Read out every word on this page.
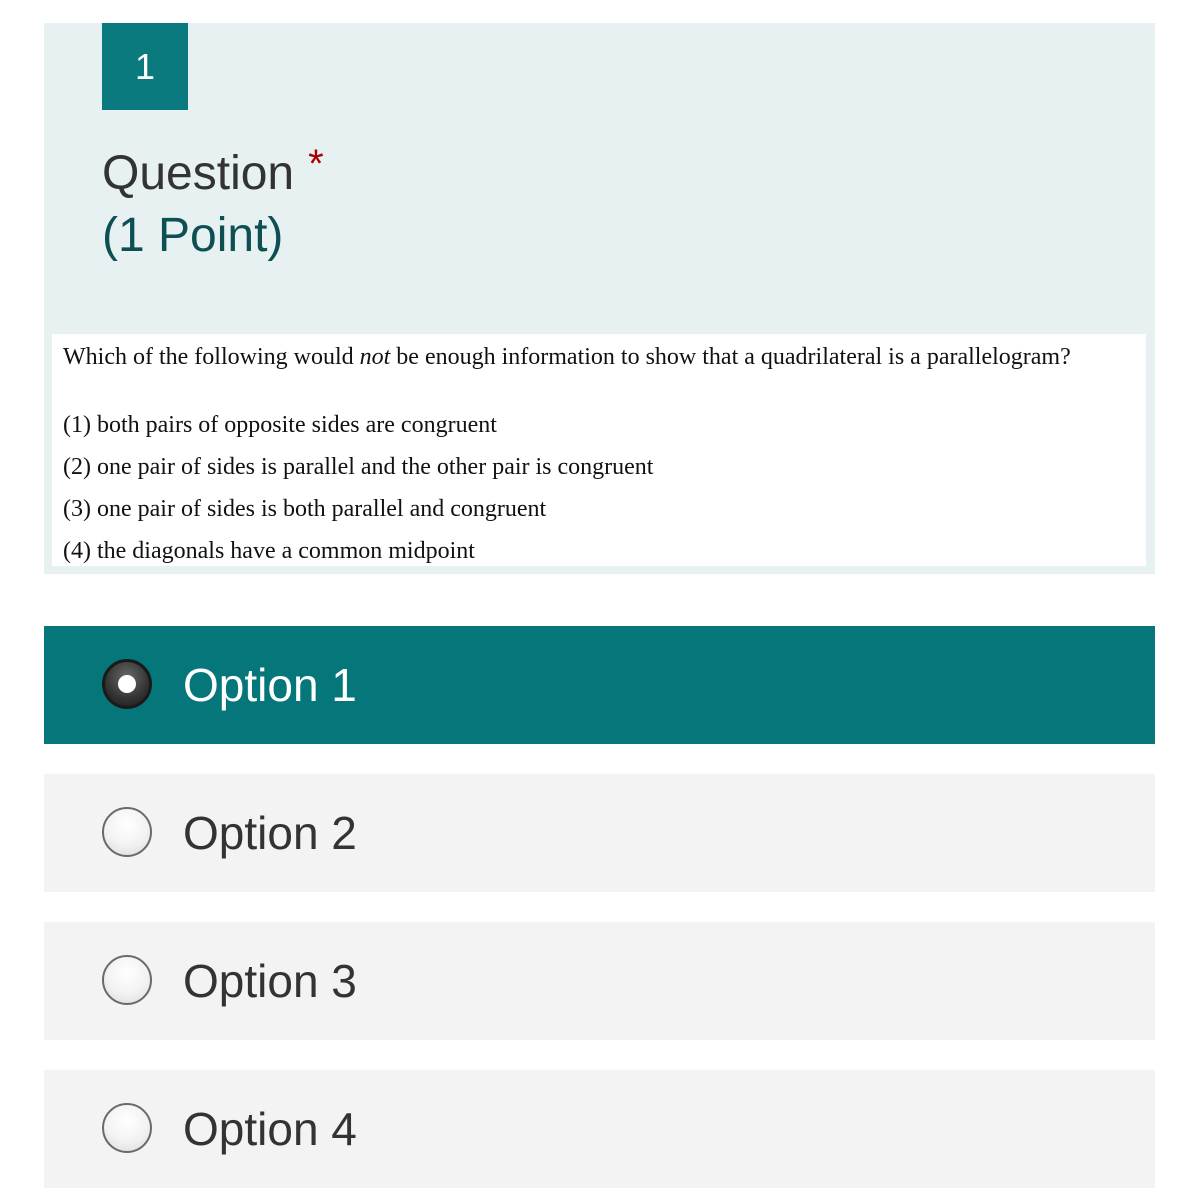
1
Question *
(1 Point)
Which of the following would not be enough information to show that a quadrilateral is a parallelogram?
(1) both pairs of opposite sides are congruent
(2) one pair of sides is parallel and the other pair is congruent
(3) one pair of sides is both parallel and congruent
(4) the diagonals have a common midpoint
Option 1
Option 2
Option 3
Option 4
